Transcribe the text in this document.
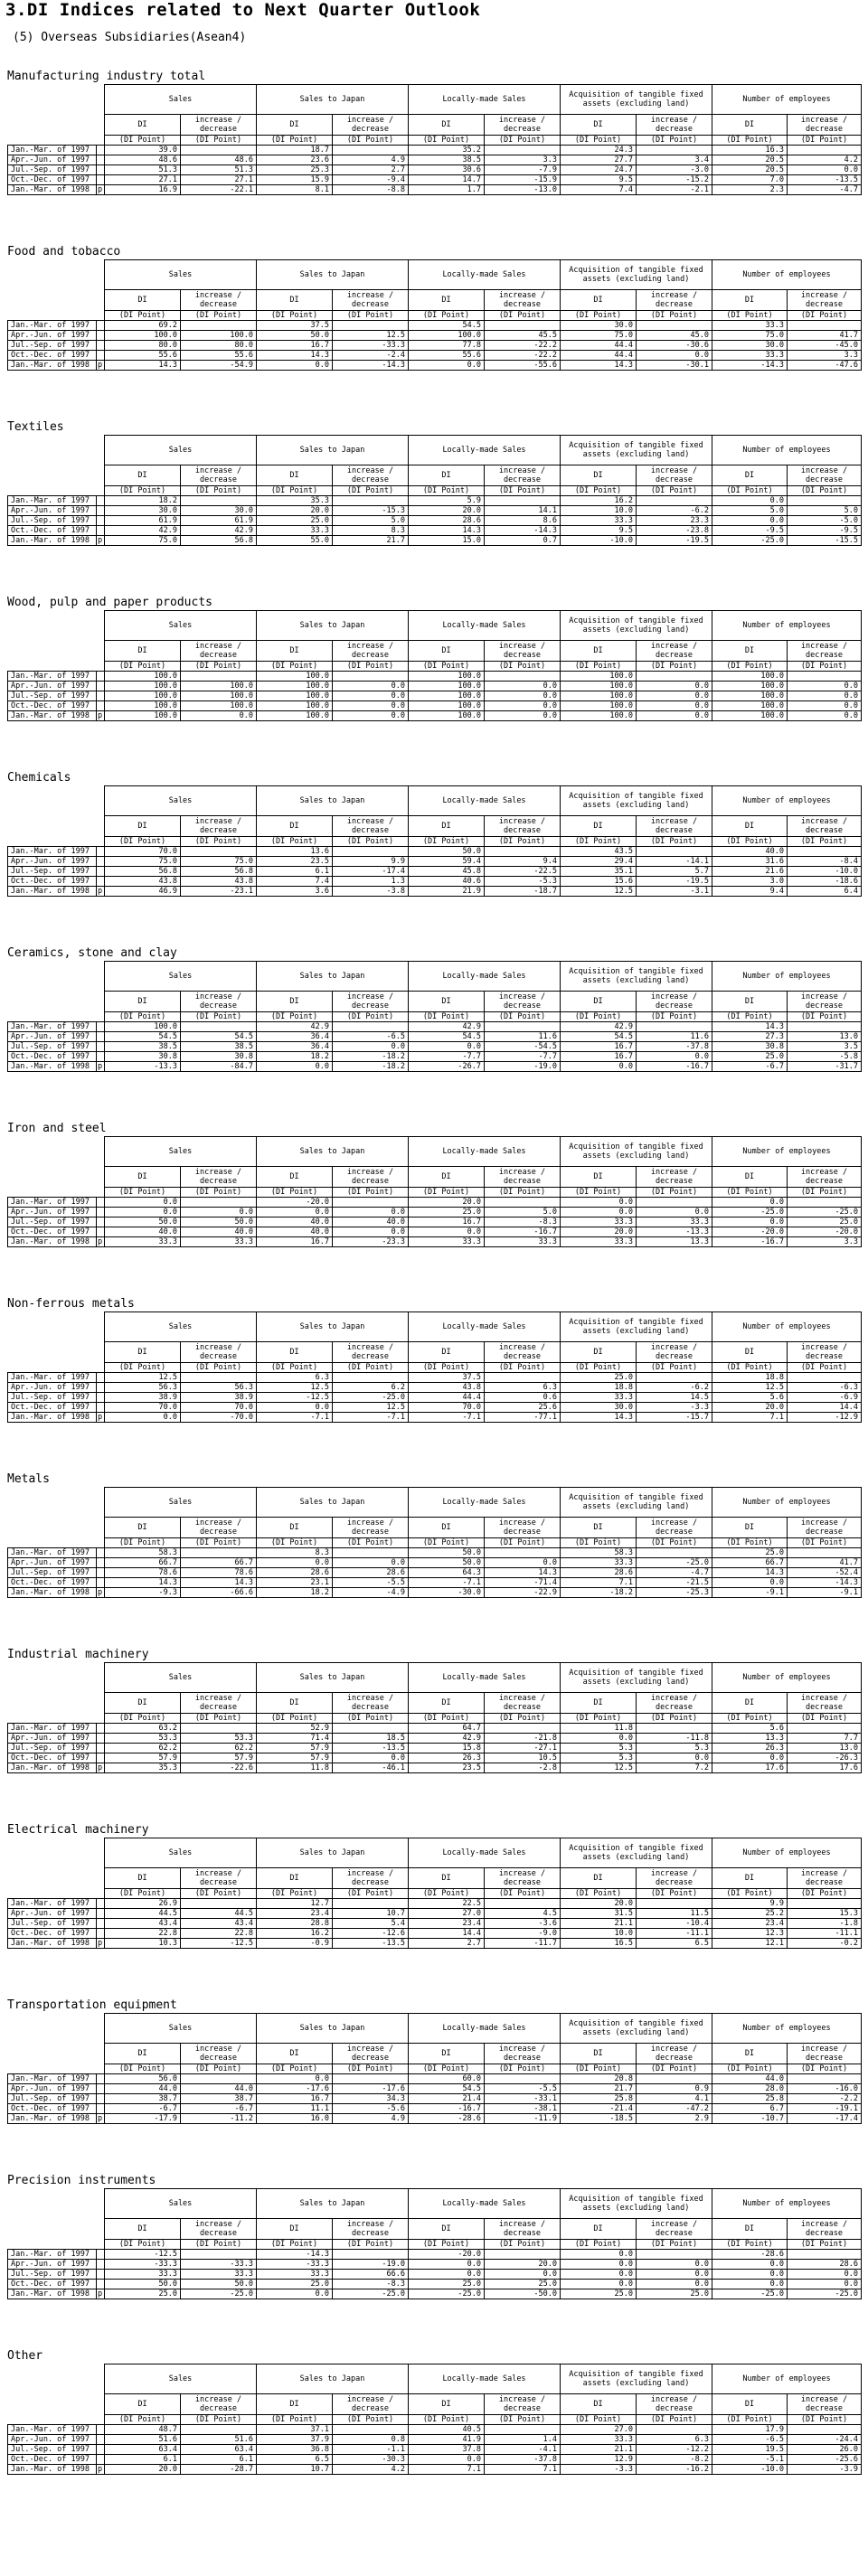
3.DI Indices related to Next Quarter Outlook
(5) Overseas Subsidiaries(Asean4)
Manufacturing industry total
		Sales		Sales to Japan		Locally-made Sales		Acquisition of tangible fixed assets (excluding land)		Number of employees	
		DI	increase / decrease	DI	increase / decrease	DI	increase / decrease	DI	increase / decrease	DI	increase / decrease
		(DI Point)	(DI Point)	(DI Point)	(DI Point)	(DI Point)	(DI Point)	(DI Point)	(DI Point)	(DI Point)	(DI Point)
Jan.-Mar. of 1997		39.0		18.7		35.2		24.3		16.3	
Apr.-Jun. of 1997		48.6	48.6	23.6	4.9	38.5	3.3	27.7	3.4	20.5	4.2
Jul.-Sep. of 1997		51.3	51.3	25.3	2.7	30.6	-7.9	24.7	-3.0	20.5	0.0
Oct.-Dec. of 1997		27.1	27.1	15.9	-9.4	14.7	-15.9	9.5	-15.2	7.0	-13.5
Jan.-Mar. of 1998	p	16.9	-22.1	8.1	-8.8	1.7	-13.0	7.4	-2.1	2.3	-4.7
Food and tobacco
		Sales		Sales to Japan		Locally-made Sales		Acquisition of tangible fixed assets (excluding land)		Number of employees	
		DI	increase / decrease	DI	increase / decrease	DI	increase / decrease	DI	increase / decrease	DI	increase / decrease
		(DI Point)	(DI Point)	(DI Point)	(DI Point)	(DI Point)	(DI Point)	(DI Point)	(DI Point)	(DI Point)	(DI Point)
Jan.-Mar. of 1997		69.2		37.5		54.5		30.0		33.3	
Apr.-Jun. of 1997		100.0	100.0	50.0	12.5	100.0	45.5	75.0	45.0	75.0	41.7
Jul.-Sep. of 1997		80.0	80.0	16.7	-33.3	77.8	-22.2	44.4	-30.6	30.0	-45.0
Oct.-Dec. of 1997		55.6	55.6	14.3	-2.4	55.6	-22.2	44.4	0.0	33.3	3.3
Jan.-Mar. of 1998	p	14.3	-54.9	0.0	-14.3	0.0	-55.6	14.3	-30.1	-14.3	-47.6
Textiles
		Sales		Sales to Japan		Locally-made Sales		Acquisition of tangible fixed assets (excluding land)		Number of employees	
		DI	increase / decrease	DI	increase / decrease	DI	increase / decrease	DI	increase / decrease	DI	increase / decrease
		(DI Point)	(DI Point)	(DI Point)	(DI Point)	(DI Point)	(DI Point)	(DI Point)	(DI Point)	(DI Point)	(DI Point)
Jan.-Mar. of 1997		18.2		35.3		5.9		16.2		0.0	
Apr.-Jun. of 1997		30.0	30.0	20.0	-15.3	20.0	14.1	10.0	-6.2	5.0	5.0
Jul.-Sep. of 1997		61.9	61.9	25.0	5.0	28.6	8.6	33.3	23.3	0.0	-5.0
Oct.-Dec. of 1997		42.9	42.9	33.3	8.3	14.3	-14.3	9.5	-23.8	-9.5	-9.5
Jan.-Mar. of 1998	p	75.0	56.8	55.0	21.7	15.0	0.7	-10.0	-19.5	-25.0	-15.5
Wood, pulp and paper products
		Sales		Sales to Japan		Locally-made Sales		Acquisition of tangible fixed assets (excluding land)		Number of employees	
		DI	increase / decrease	DI	increase / decrease	DI	increase / decrease	DI	increase / decrease	DI	increase / decrease
		(DI Point)	(DI Point)	(DI Point)	(DI Point)	(DI Point)	(DI Point)	(DI Point)	(DI Point)	(DI Point)	(DI Point)
Jan.-Mar. of 1997		100.0		100.0		100.0		100.0		100.0	
Apr.-Jun. of 1997		100.0	100.0	100.0	0.0	100.0	0.0	100.0	0.0	100.0	0.0
Jul.-Sep. of 1997		100.0	100.0	100.0	0.0	100.0	0.0	100.0	0.0	100.0	0.0
Oct.-Dec. of 1997		100.0	100.0	100.0	0.0	100.0	0.0	100.0	0.0	100.0	0.0
Jan.-Mar. of 1998	p	100.0	0.0	100.0	0.0	100.0	0.0	100.0	0.0	100.0	0.0
Chemicals
		Sales		Sales to Japan		Locally-made Sales		Acquisition of tangible fixed assets (excluding land)		Number of employees	
		DI	increase / decrease	DI	increase / decrease	DI	increase / decrease	DI	increase / decrease	DI	increase / decrease
		(DI Point)	(DI Point)	(DI Point)	(DI Point)	(DI Point)	(DI Point)	(DI Point)	(DI Point)	(DI Point)	(DI Point)
Jan.-Mar. of 1997		70.0		13.6		50.0		43.5		40.0	
Apr.-Jun. of 1997		75.0	75.0	23.5	9.9	59.4	9.4	29.4	-14.1	31.6	-8.4
Jul.-Sep. of 1997		56.8	56.8	6.1	-17.4	45.8	-22.5	35.1	5.7	21.6	-10.0
Oct.-Dec. of 1997		43.8	43.8	7.4	1.3	40.6	-5.3	15.6	-19.5	3.0	-18.6
Jan.-Mar. of 1998	p	46.9	-23.1	3.6	-3.8	21.9	-18.7	12.5	-3.1	9.4	6.4
Ceramics, stone and clay
		Sales		Sales to Japan		Locally-made Sales		Acquisition of tangible fixed assets (excluding land)		Number of employees	
		DI	increase / decrease	DI	increase / decrease	DI	increase / decrease	DI	increase / decrease	DI	increase / decrease
		(DI Point)	(DI Point)	(DI Point)	(DI Point)	(DI Point)	(DI Point)	(DI Point)	(DI Point)	(DI Point)	(DI Point)
Jan.-Mar. of 1997		100.0		42.9		42.9		42.9		14.3	
Apr.-Jun. of 1997		54.5	54.5	36.4	-6.5	54.5	11.6	54.5	11.6	27.3	13.0
Jul.-Sep. of 1997		38.5	38.5	36.4	0.0	0.0	-54.5	16.7	-37.8	30.8	3.5
Oct.-Dec. of 1997		30.8	30.8	18.2	-18.2	-7.7	-7.7	16.7	0.0	25.0	-5.8
Jan.-Mar. of 1998	p	-13.3	-84.7	0.0	-18.2	-26.7	-19.0	0.0	-16.7	-6.7	-31.7
Iron and steel
		Sales		Sales to Japan		Locally-made Sales		Acquisition of tangible fixed assets (excluding land)		Number of employees	
		DI	increase / decrease	DI	increase / decrease	DI	increase / decrease	DI	increase / decrease	DI	increase / decrease
		(DI Point)	(DI Point)	(DI Point)	(DI Point)	(DI Point)	(DI Point)	(DI Point)	(DI Point)	(DI Point)	(DI Point)
Jan.-Mar. of 1997		0.0		-20.0		20.0		0.0		0.0	
Apr.-Jun. of 1997		0.0	0.0	0.0	0.0	25.0	5.0	0.0	0.0	-25.0	-25.0
Jul.-Sep. of 1997		50.0	50.0	40.0	40.0	16.7	-8.3	33.3	33.3	0.0	25.0
Oct.-Dec. of 1997		40.0	40.0	40.0	0.0	0.0	-16.7	20.0	-13.3	-20.0	-20.0
Jan.-Mar. of 1998	p	33.3	33.3	16.7	-23.3	33.3	33.3	33.3	13.3	-16.7	3.3
Non-ferrous metals
		Sales		Sales to Japan		Locally-made Sales		Acquisition of tangible fixed assets (excluding land)		Number of employees	
		DI	increase / decrease	DI	increase / decrease	DI	increase / decrease	DI	increase / decrease	DI	increase / decrease
		(DI Point)	(DI Point)	(DI Point)	(DI Point)	(DI Point)	(DI Point)	(DI Point)	(DI Point)	(DI Point)	(DI Point)
Jan.-Mar. of 1997		12.5		6.3		37.5		25.0		18.8	
Apr.-Jun. of 1997		56.3	56.3	12.5	6.2	43.8	6.3	18.8	-6.2	12.5	-6.3
Jul.-Sep. of 1997		38.9	38.9	-12.5	-25.0	44.4	0.6	33.3	14.5	5.6	-6.9
Oct.-Dec. of 1997		70.0	70.0	0.0	12.5	70.0	25.6	30.0	-3.3	20.0	14.4
Jan.-Mar. of 1998	p	0.0	-70.0	-7.1	-7.1	-7.1	-77.1	14.3	-15.7	7.1	-12.9
Metals
		Sales		Sales to Japan		Locally-made Sales		Acquisition of tangible fixed assets (excluding land)		Number of employees	
		DI	increase / decrease	DI	increase / decrease	DI	increase / decrease	DI	increase / decrease	DI	increase / decrease
		(DI Point)	(DI Point)	(DI Point)	(DI Point)	(DI Point)	(DI Point)	(DI Point)	(DI Point)	(DI Point)	(DI Point)
Jan.-Mar. of 1997		58.3		8.3		50.0		58.3		25.0	
Apr.-Jun. of 1997		66.7	66.7	0.0	0.0	50.0	0.0	33.3	-25.0	66.7	41.7
Jul.-Sep. of 1997		78.6	78.6	28.6	28.6	64.3	14.3	28.6	-4.7	14.3	-52.4
Oct.-Dec. of 1997		14.3	14.3	23.1	-5.5	-7.1	-71.4	7.1	-21.5	0.0	-14.3
Jan.-Mar. of 1998	p	-9.3	-66.6	18.2	-4.9	-30.0	-22.9	-18.2	-25.3	-9.1	-9.1
Industrial machinery
		Sales		Sales to Japan		Locally-made Sales		Acquisition of tangible fixed assets (excluding land)		Number of employees	
		DI	increase / decrease	DI	increase / decrease	DI	increase / decrease	DI	increase / decrease	DI	increase / decrease
		(DI Point)	(DI Point)	(DI Point)	(DI Point)	(DI Point)	(DI Point)	(DI Point)	(DI Point)	(DI Point)	(DI Point)
Jan.-Mar. of 1997		63.2		52.9		64.7		11.8		5.6	
Apr.-Jun. of 1997		53.3	53.3	71.4	18.5	42.9	-21.8	0.0	-11.8	13.3	7.7
Jul.-Sep. of 1997		62.2	62.2	57.9	-13.5	15.8	-27.1	5.3	5.3	26.3	13.0
Oct.-Dec. of 1997		57.9	57.9	57.9	0.0	26.3	10.5	5.3	0.0	0.0	-26.3
Jan.-Mar. of 1998	p	35.3	-22.6	11.8	-46.1	23.5	-2.8	12.5	7.2	17.6	17.6
Electrical machinery
		Sales		Sales to Japan		Locally-made Sales		Acquisition of tangible fixed assets (excluding land)		Number of employees	
		DI	increase / decrease	DI	increase / decrease	DI	increase / decrease	DI	increase / decrease	DI	increase / decrease
		(DI Point)	(DI Point)	(DI Point)	(DI Point)	(DI Point)	(DI Point)	(DI Point)	(DI Point)	(DI Point)	(DI Point)
Jan.-Mar. of 1997		26.9		12.7		22.5		20.0		9.9	
Apr.-Jun. of 1997		44.5	44.5	23.4	10.7	27.0	4.5	31.5	11.5	25.2	15.3
Jul.-Sep. of 1997		43.4	43.4	28.8	5.4	23.4	-3.6	21.1	-10.4	23.4	-1.8
Oct.-Dec. of 1997		22.8	22.8	16.2	-12.6	14.4	-9.0	10.0	-11.1	12.3	-11.1
Jan.-Mar. of 1998	p	10.3	-12.5	-0.9	-13.5	2.7	-11.7	16.5	6.5	12.1	-0.2
Transportation equipment
		Sales		Sales to Japan		Locally-made Sales		Acquisition of tangible fixed assets (excluding land)		Number of employees	
		DI	increase / decrease	DI	increase / decrease	DI	increase / decrease	DI	increase / decrease	DI	increase / decrease
		(DI Point)	(DI Point)	(DI Point)	(DI Point)	(DI Point)	(DI Point)	(DI Point)	(DI Point)	(DI Point)	(DI Point)
Jan.-Mar. of 1997		56.0		0.0		60.0		20.8		44.0	
Apr.-Jun. of 1997		44.0	44.0	-17.6	-17.6	54.5	-5.5	21.7	0.9	28.0	-16.0
Jul.-Sep. of 1997		38.7	38.7	16.7	34.3	21.4	-33.1	25.8	4.1	25.8	-2.2
Oct.-Dec. of 1997		-6.7	-6.7	11.1	-5.6	-16.7	-38.1	-21.4	-47.2	6.7	-19.1
Jan.-Mar. of 1998	p	-17.9	-11.2	16.0	4.9	-28.6	-11.9	-18.5	2.9	-10.7	-17.4
Precision instruments
		Sales		Sales to Japan		Locally-made Sales		Acquisition of tangible fixed assets (excluding land)		Number of employees	
		DI	increase / decrease	DI	increase / decrease	DI	increase / decrease	DI	increase / decrease	DI	increase / decrease
		(DI Point)	(DI Point)	(DI Point)	(DI Point)	(DI Point)	(DI Point)	(DI Point)	(DI Point)	(DI Point)	(DI Point)
Jan.-Mar. of 1997		-12.5		-14.3		-20.0		0.0		-28.6	
Apr.-Jun. of 1997		-33.3	-33.3	-33.3	-19.0	0.0	20.0	0.0	0.0	0.0	28.6
Jul.-Sep. of 1997		33.3	33.3	33.3	66.6	0.0	0.0	0.0	0.0	0.0	0.0
Oct.-Dec. of 1997		50.0	50.0	25.0	-8.3	25.0	25.0	0.0	0.0	0.0	0.0
Jan.-Mar. of 1998	p	25.0	-25.0	0.0	-25.0	-25.0	-50.0	25.0	25.0	-25.0	-25.0
Other
		Sales		Sales to Japan		Locally-made Sales		Acquisition of tangible fixed assets (excluding land)		Number of employees	
		DI	increase / decrease	DI	increase / decrease	DI	increase / decrease	DI	increase / decrease	DI	increase / decrease
		(DI Point)	(DI Point)	(DI Point)	(DI Point)	(DI Point)	(DI Point)	(DI Point)	(DI Point)	(DI Point)	(DI Point)
Jan.-Mar. of 1997		48.7		37.1		40.5		27.0		17.9	
Apr.-Jun. of 1997		51.6	51.6	37.9	0.8	41.9	1.4	33.3	6.3	-6.5	-24.4
Jul.-Sep. of 1997		63.4	63.4	36.8	-1.1	37.8	-4.1	21.1	-12.2	19.5	26.0
Oct.-Dec. of 1997		6.1	6.1	6.5	-30.3	0.0	-37.8	12.9	-8.2	-5.1	-25.6
Jan.-Mar. of 1998	p	20.0	-28.7	10.7	4.2	7.1	7.1	-3.3	-16.2	-10.0	-3.9
